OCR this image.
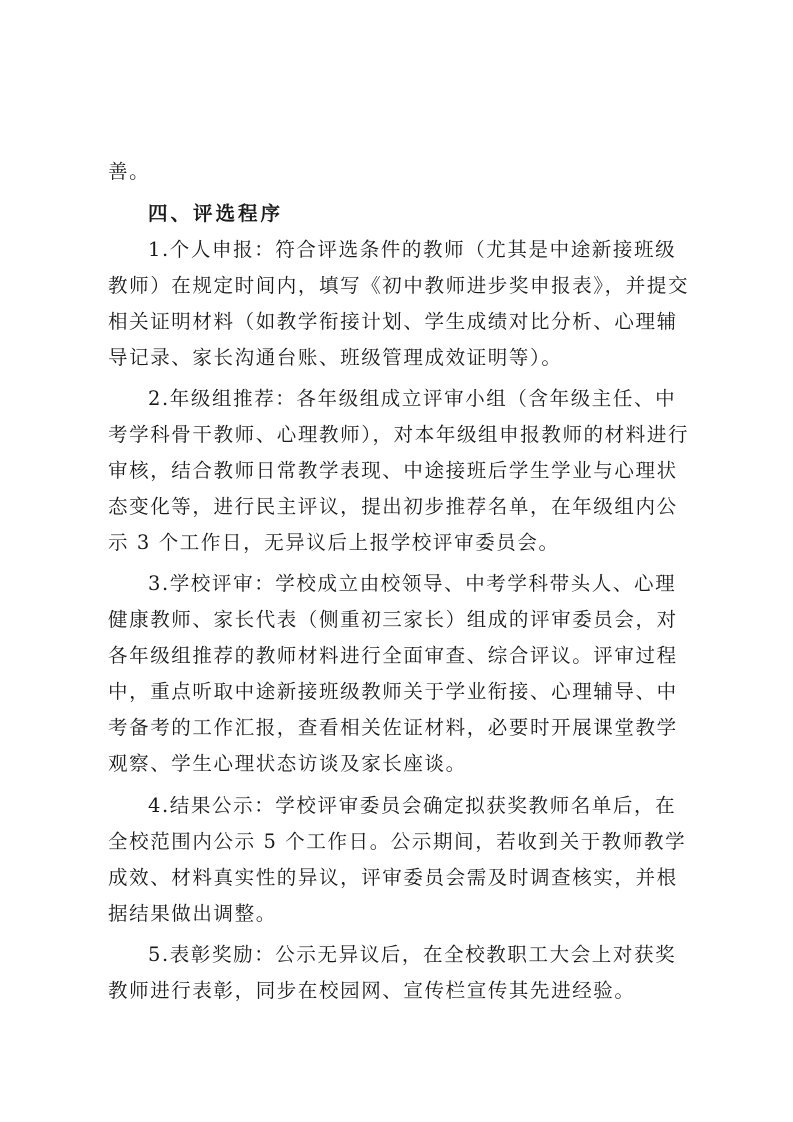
善。
四、评选程序
1.个人申报：符合评选条件的教师（尤其是中途新接班级
教师）在规定时间内，填写《初中教师进步奖申报表》，并提交
相关证明材料（如教学衔接计划、学生成绩对比分析、心理辅
导记录、家长沟通台账、班级管理成效证明等）。
2.年级组推荐：各年级组成立评审小组（含年级主任、中
考学科骨干教师、心理教师），对本年级组申报教师的材料进行
审核，结合教师日常教学表现、中途接班后学生学业与心理状
态变化等，进行民主评议，提出初步推荐名单，在年级组内公
示 3 个工作日，无异议后上报学校评审委员会。
3.学校评审：学校成立由校领导、中考学科带头人、心理
健康教师、家长代表（侧重初三家长）组成的评审委员会，对
各年级组推荐的教师材料进行全面审查、综合评议。评审过程
中，重点听取中途新接班级教师关于学业衔接、心理辅导、中
考备考的工作汇报，查看相关佐证材料，必要时开展课堂教学
观察、学生心理状态访谈及家长座谈。
4.结果公示：学校评审委员会确定拟获奖教师名单后，在
全校范围内公示 5 个工作日。公示期间，若收到关于教师教学
成效、材料真实性的异议，评审委员会需及时调查核实，并根
据结果做出调整。
5.表彰奖励：公示无异议后，在全校教职工大会上对获奖
教师进行表彰，同步在校园网、宣传栏宣传其先进经验。
